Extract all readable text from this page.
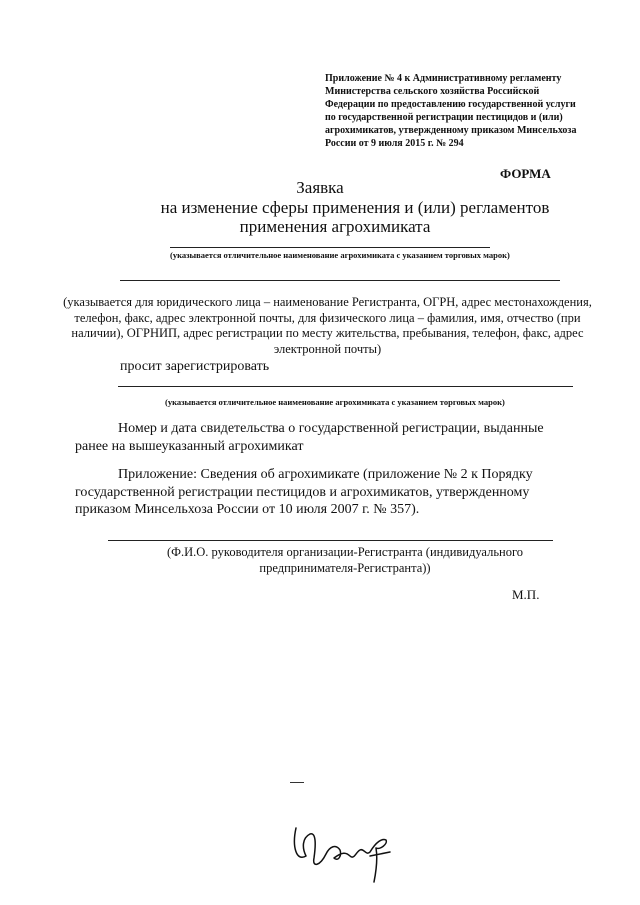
Приложение № 4 к Административному регламенту Министерства сельского хозяйства Российской Федерации по предоставлению государственной услуги по государственной регистрации пестицидов и (или) агрохимикатов, утвержденному приказом Минсельхоза России от 9 июля 2015 г. № 294
ФОРМА
Заявка
на изменение сферы применения и (или) регламентов
применения агрохимиката
(указывается отличительное наименование агрохимиката с указанием торговых марок)
(указывается для юридического лица – наименование Регистранта, ОГРН, адрес местонахождения, телефон, факс, адрес электронной почты, для физического лица – фамилия, имя, отчество (при наличии), ОГРНИП, адрес регистрации по месту жительства, пребывания, телефон, факс, адрес электронной почты)
просит зарегистрировать
(указывается отличительное наименование агрохимиката с указанием торговых марок)
Номер и дата свидетельства о государственной регистрации, выданные
ранее на вышеуказанный агрохимикат
Приложение: Сведения об агрохимикате (приложение № 2 к Порядку
государственной регистрации пестицидов и агрохимикатов, утвержденному
приказом Минсельхоза России от 10 июля 2007 г. № 357).
(Ф.И.О. руководителя организации-Регистранта (индивидуального предпринимателя-Регистранта))
М.П.
